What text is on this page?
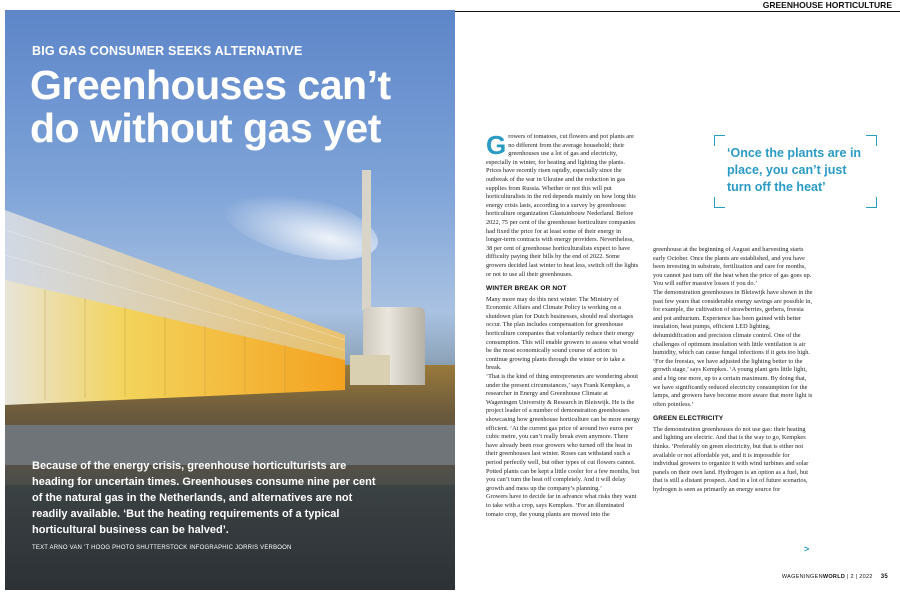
BIG GAS CONSUMER SEEKS ALTERNATIVE
Greenhouses can’t do without gas yet
Because of the energy crisis, greenhouse horticulturists are heading for uncertain times. Greenhouses consume nine per cent of the natural gas in the Netherlands, and alternatives are not readily available. ‘But the heating requirements of a typical horticultural business can be halved’.
TEXT ARNO VAN ’T HOOG PHOTO SHUTTERSTOCK INFOGRAPHIC JORRIS VERBOON
GREENHOUSE HORTICULTURE

Growers of tomatoes, cut flowers and pot plants are no different from the average household; their greenhouses use a lot of gas and electricity, especially in winter, for heating and lighting the plants. Prices have recently risen rapidly, especially since the outbreak of the war in Ukraine and the reduction in gas supplies from Russia. Whether or not this will put horticulturalists in the red depends mainly on how long this energy crisis lasts, according to a survey by greenhouse horticulture organization Glastuinbouw Nederland. Before 2022, 75 per cent of the greenhouse horticulture companies had fixed the price for at least some of their energy in longer-term contracts with energy providers. Nevertheless, 38 per cent of greenhouse horticulturalists expect to have difficulty paying their bills by the end of 2022. Some growers decided last winter to heat less, switch off the lights or not to use all their greenhouses.

WINTER BREAK OR NOT

Many more may do this next winter. The Ministry of Economic Affairs and Climate Policy is working on a shutdown plan for Dutch businesses, should real shortages occur. The plan includes compensation for greenhouse horticulture companies that voluntarily reduce their energy consumption. This will enable growers to assess what would be the most economically sound course of action: to continue growing plants through the winter or to take a break.

‘That is the kind of thing entrepreneurs are wondering about under the present circumstances,’ says Frank Kempkes, a researcher in Energy and Greenhouse Climate at Wageningen University & Research in Bleiswijk. He is the project leader of a number of demonstration greenhouses showcasing how greenhouse horticulture can be more energy efficient. ‘At the current gas price of around two euros per cubic metre, you can’t really break even anymore. There have already been rose growers who turned off the heat in their greenhouses last winter. Roses can withstand such a period perfectly well, but other types of cut flowers cannot. Potted plants can be kept a little cooler for a few months, but you can’t turn the heat off completely. And it will delay growth and mess up the company’s planning.’

Growers have to decide far in advance what risks they want to take with a crop, says Kempkes. ‘For an illuminated tomato crop, the young plants are moved into the

‘Once the plants are in place, you can’t just turn off the heat’

greenhouse at the beginning of August and harvesting starts early October. Once the plants are established, and you have been investing in substrate, fertilization and care for months, you cannot just turn off the heat when the price of gas goes up. You will suffer massive losses if you do.’

The demonstration greenhouses in Bleiswijk have shown in the past few years that considerable energy savings are possible in, for example, the cultivation of strawberries, gerbera, freesia and pot anthurium. Experience has been gained with better insulation, heat pumps, efficient LED lighting, dehumidification and precision climate control. One of the challenges of optimum insulation with little ventilation is air humidity, which can cause fungal infections if it gets too high. ‘For the freesias, we have adjusted the lighting better to the growth stage,’ says Kempkes. ‘A young plant gets little light, and a big one more, up to a certain maximum. By doing that, we have significantly reduced electricity consumption for the lamps, and growers have become more aware that more light is often pointless.’

GREEN ELECTRICITY

The demonstration greenhouses do not use gas: their heating and lighting are electric. And that is the way to go, Kempkes thinks. ‘Preferably on green electricity, but that is either not available or not affordable yet, and it is impossible for individual growers to organize it with wind turbines and solar panels on their own land. Hydrogen is an option as a fuel, but that is still a distant prospect. And in a lot of future scenarios, hydrogen is seen as primarily an energy source for

>
WAGENINGENWORLD | 2 | 2022 35
